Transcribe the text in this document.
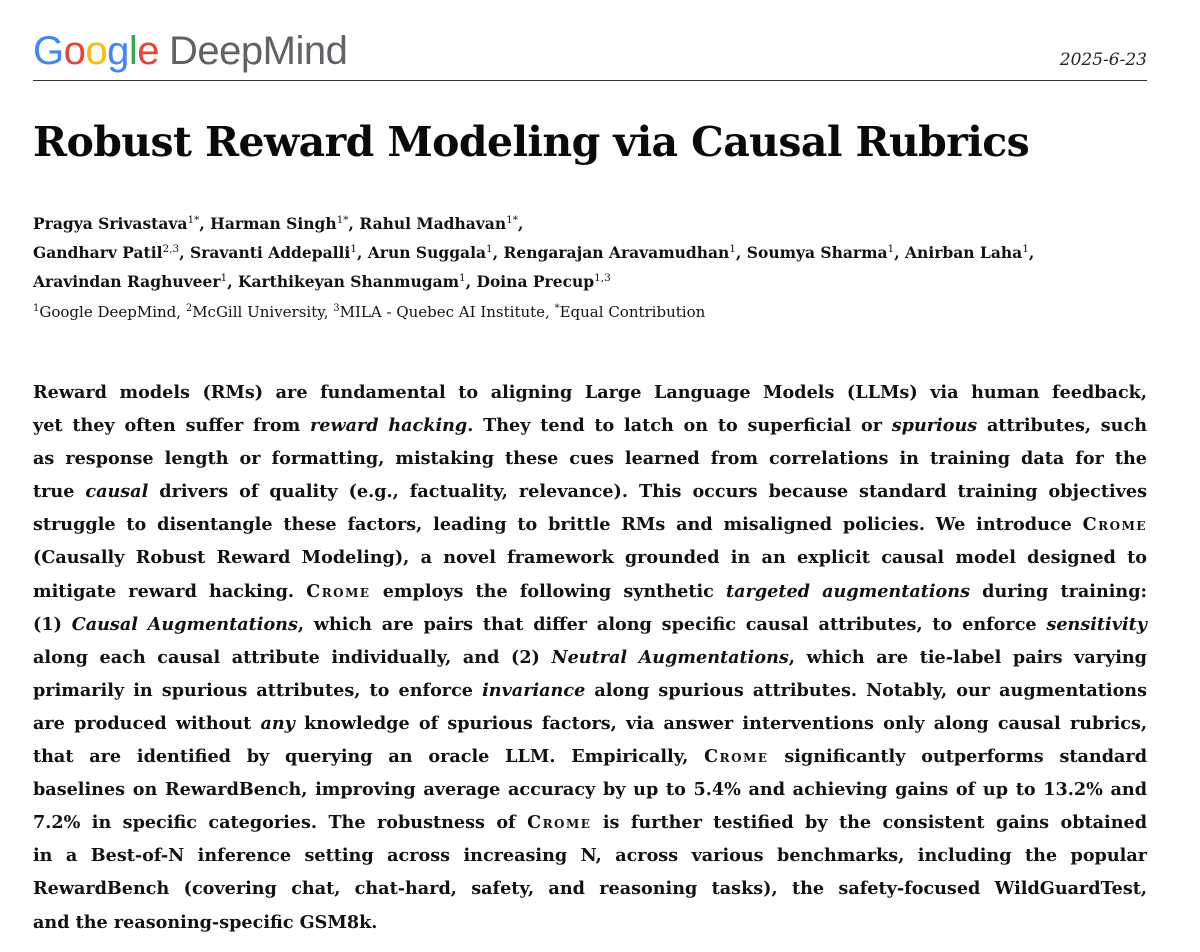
Google DeepMind	2025-6-23
Robust Reward Modeling via Causal Rubrics
Pragya Srivastava$^{1*}$, Harman Singh$^{1*}$, Rahul Madhavan$^{1*}$,
Gandharv Patil$^{2,3}$, Sravanti Addepalli$^1$, Arun Suggala$^1$, Rengarajan Aravamudhan$^1$, Soumya Sharma$^1$, Anirban Laha$^1$,
Aravindan Raghuveer$^1$, Karthikeyan Shanmugam$^1$, Doina Precup$^{1,3}$
$^1$Google DeepMind, $^2$McGill University, $^3$MILA - Quebec AI Institute, *Equal Contribution
Reward models (RMs) are fundamental to aligning Large Language Models (LLMs) via human feedback,
yet they often suffer from reward hacking. They tend to latch on to superficial or spurious attributes, such
as response length or formatting, mistaking these cues learned from correlations in training data for the
true causal drivers of quality (e.g., factuality, relevance). This occurs because standard training objectives
struggle to disentangle these factors, leading to brittle RMs and misaligned policies. We introduce Crome
(Causally Robust Reward Modeling), a novel framework grounded in an explicit causal model designed to
mitigate reward hacking. Crome employs the following synthetic targeted augmentations during training:
(1) Causal Augmentations, which are pairs that differ along specific causal attributes, to enforce sensitivity
along each causal attribute individually, and (2) Neutral Augmentations, which are tie-label pairs varying
primarily in spurious attributes, to enforce invariance along spurious attributes. Notably, our augmentations
are produced without any knowledge of spurious factors, via answer interventions only along causal rubrics,
that are identified by querying an oracle LLM. Empirically, Crome significantly outperforms standard
baselines on RewardBench, improving average accuracy by up to 5.4% and achieving gains of up to 13.2% and
7.2% in specific categories. The robustness of Crome is further testified by the consistent gains obtained
in a Best-of-N inference setting across increasing N, across various benchmarks, including the popular
RewardBench (covering chat, chat-hard, safety, and reasoning tasks), the safety-focused WildGuardTest,
and the reasoning-specific GSM8k.
